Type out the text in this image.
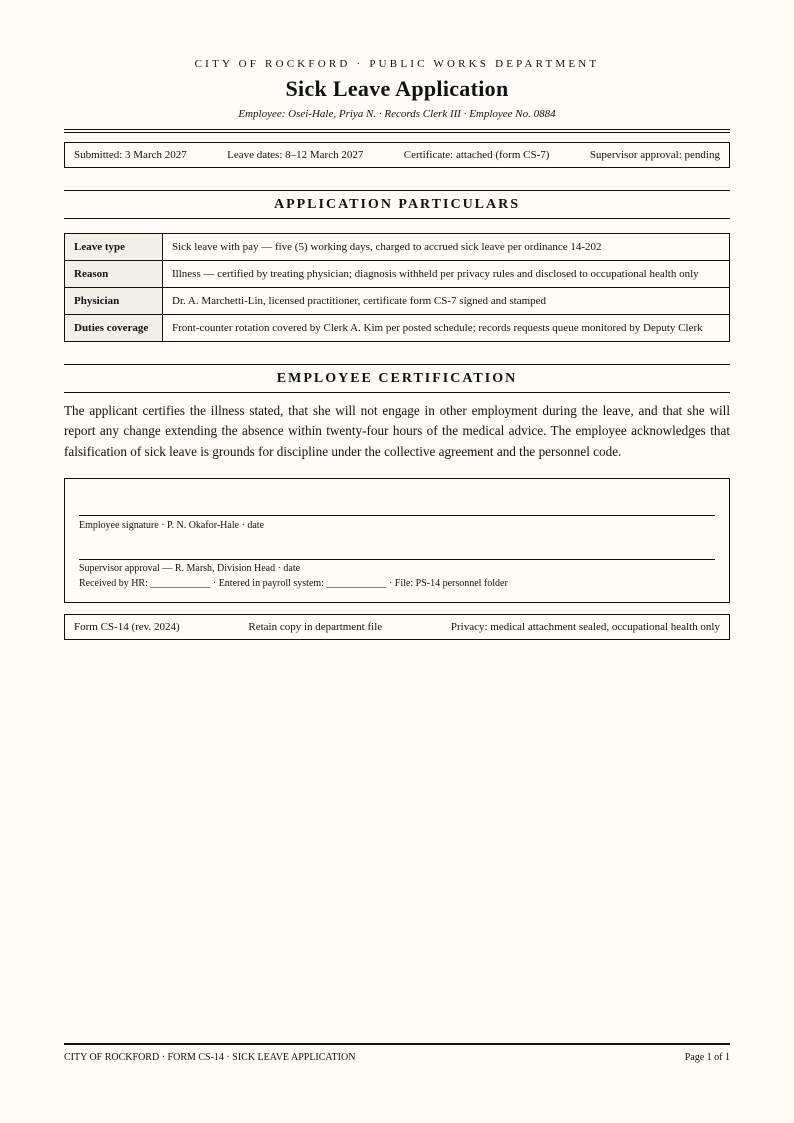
CITY OF ROCKFORD · PUBLIC WORKS DEPARTMENT
Sick Leave Application
Employee: Osei-Hale, Priya N. · Records Clerk III · Employee No. 0884
Submitted: 3 March 2027	Leave dates: 8–12 March 2027	Certificate: attached (form CS-7)	Supervisor approval: pending
APPLICATION PARTICULARS
Leave type	Sick leave with pay — five (5) working days, charged to accrued sick leave per ordinance 14-202
Reason	Illness — certified by treating physician; diagnosis withheld per privacy rules and disclosed to occupational health only
Physician	Dr. A. Marchetti-Lin, licensed practitioner, certificate form CS-7 signed and stamped
Duties coverage	Front-counter rotation covered by Clerk A. Kim per posted schedule; records requests queue monitored by Deputy Clerk
EMPLOYEE CERTIFICATION
The applicant certifies the illness stated, that she will not engage in other employment during the leave, and that she will report any change extending the absence within twenty-four hours of the medical advice. The employee acknowledges that falsification of sick leave is grounds for discipline under the collective agreement and the personnel code.
Employee signature · P. N. Okafor-Hale · date
Supervisor approval — R. Marsh, Division Head · date
Received by HR: ____________ · Entered in payroll system: ____________ · File: PS-14 personnel folder
Form CS-14 (rev. 2024)	Retain copy in department file	Privacy: medical attachment sealed, occupational health only
CITY OF ROCKFORD · FORM CS-14 · SICK LEAVE APPLICATION	Page 1 of 1
